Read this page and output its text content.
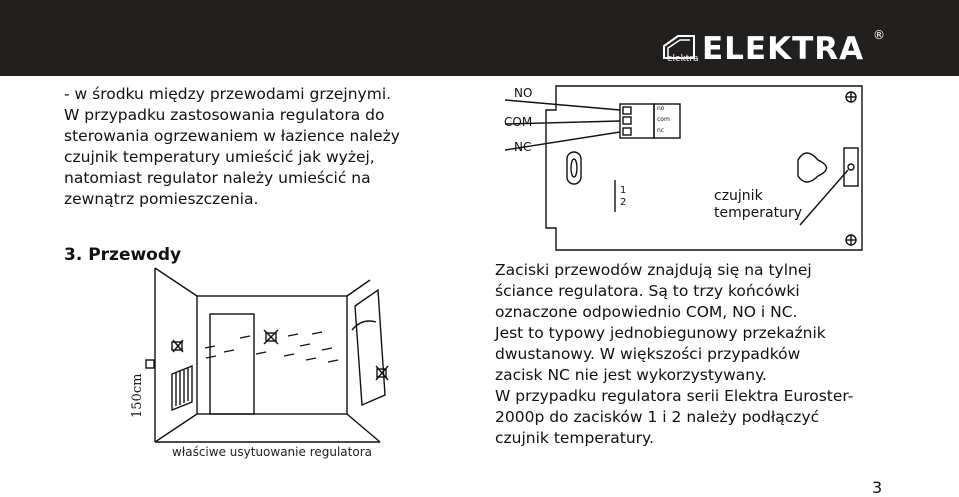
elektra ELEKTRA ®
- w środku między przewodami grzejnymi.
W przypadku zastosowania regulatora do
sterowania ogrzewaniem w łazience należy
czujnik temperatury umieścić jak wyżej,
natomiast regulator należy umieścić na
zewnątrz pomieszczenia.
3. Przewody
NO
COM
NC
no
com
nc
1
2	czujnik
temperatury
150cm
właściwe usytuowanie regulatora
Zaciski przewodów znajdują się na tylnej
ściance regulatora. Są to trzy końcówki
oznaczone odpowiednio COM, NO i NC.
Jest to typowy jednobiegunowy przekaźnik
dwustanowy. W większości przypadków
zacisk NC nie jest wykorzystywany.
W przypadku regulatora serii Elektra Euroster-
2000p do zacisków 1 i 2 należy podłączyć
czujnik temperatury.
3
